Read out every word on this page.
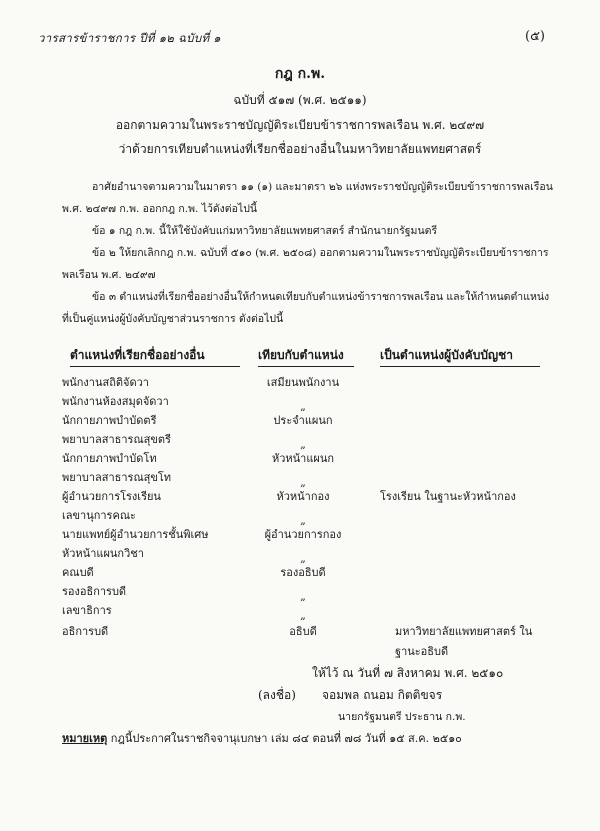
วารสารข้าราชการ ปีที่ ๑๒ ฉบับที่ ๑	(๕)
กฎ ก.พ.
ฉบับที่ ๕๑๗ (พ.ศ. ๒๕๑๑)
ออกตามความในพระราชบัญญัติระเบียบข้าราชการพลเรือน พ.ศ. ๒๔๙๗
ว่าด้วยการเทียบตำแหน่งที่เรียกชื่ออย่างอื่นในมหาวิทยาลัยแพทยศาสตร์
อาศัยอำนาจตามความในมาตรา ๑๑ (๑) และมาตรา ๒๖ แห่งพระราชบัญญัติระเบียบข้าราชการพลเรือน
พ.ศ. ๒๔๙๗ ก.พ. ออกกฎ ก.พ. ไว้ดังต่อไปนี้
ข้อ ๑ กฎ ก.พ. นี้ให้ใช้บังคับแก่มหาวิทยาลัยแพทยศาสตร์ สำนักนายกรัฐมนตรี
ข้อ ๒ ให้ยกเลิกกฎ ก.พ. ฉบับที่ ๕๑๐ (พ.ศ. ๒๕๐๘) ออกตามความในพระราชบัญญัติระเบียบข้าราชการ
พลเรือน พ.ศ. ๒๔๙๗
ข้อ ๓ ตำแหน่งที่เรียกชื่ออย่างอื่นให้กำหนดเทียบกับตำแหน่งข้าราชการพลเรือน และให้กำหนดตำแหน่ง
ที่เป็นคู่แหน่งผู้บังคับบัญชาส่วนราชการ ดังต่อไปนี้
ตำแหน่งที่เรียกชื่ออย่างอื่น	เทียบกับตำแหน่ง	เป็นตำแหน่งผู้บังคับบัญชา
พนักงานสถิติจัดวา	เสมียนพนักงาน
พนักงานห้องสมุดจัดวา	„
นักกายภาพบำบัดตรี	ประจำแผนก
พยาบาลสาธารณสุขตรี	„
นักกายภาพบำบัดโท	หัวหน้าแผนก
พยาบาลสาธารณสุขโท	„
ผู้อำนวยการโรงเรียน	หัวหน้ากอง	โรงเรียน ในฐานะหัวหน้ากอง
เลขานุการคณะ	„
นายแพทย์ผู้อำนวยการชั้นพิเศษ	ผู้อำนวยการกอง
หัวหน้าแผนกวิชา	„
คณบดี	รองอธิบดี
รองอธิการบดี	„
เลขาธิการ	„
อธิการบดี	อธิบดี	มหาวิทยาลัยแพทยศาสตร์ ใน
ฐานะอธิบดี
ให้ไว้ ณ วันที่ ๗ สิงหาคม พ.ศ. ๒๕๑๐
(ลงชื่อ) จอมพล ถนอม กิตติขจร
นายกรัฐมนตรี ประธาน ก.พ.
หมายเหตุ กฎนี้ประกาศในราชกิจจานุเบกษา เล่ม ๘๔ ตอนที่ ๗๘ วันที่ ๑๕ ส.ค. ๒๕๑๐
